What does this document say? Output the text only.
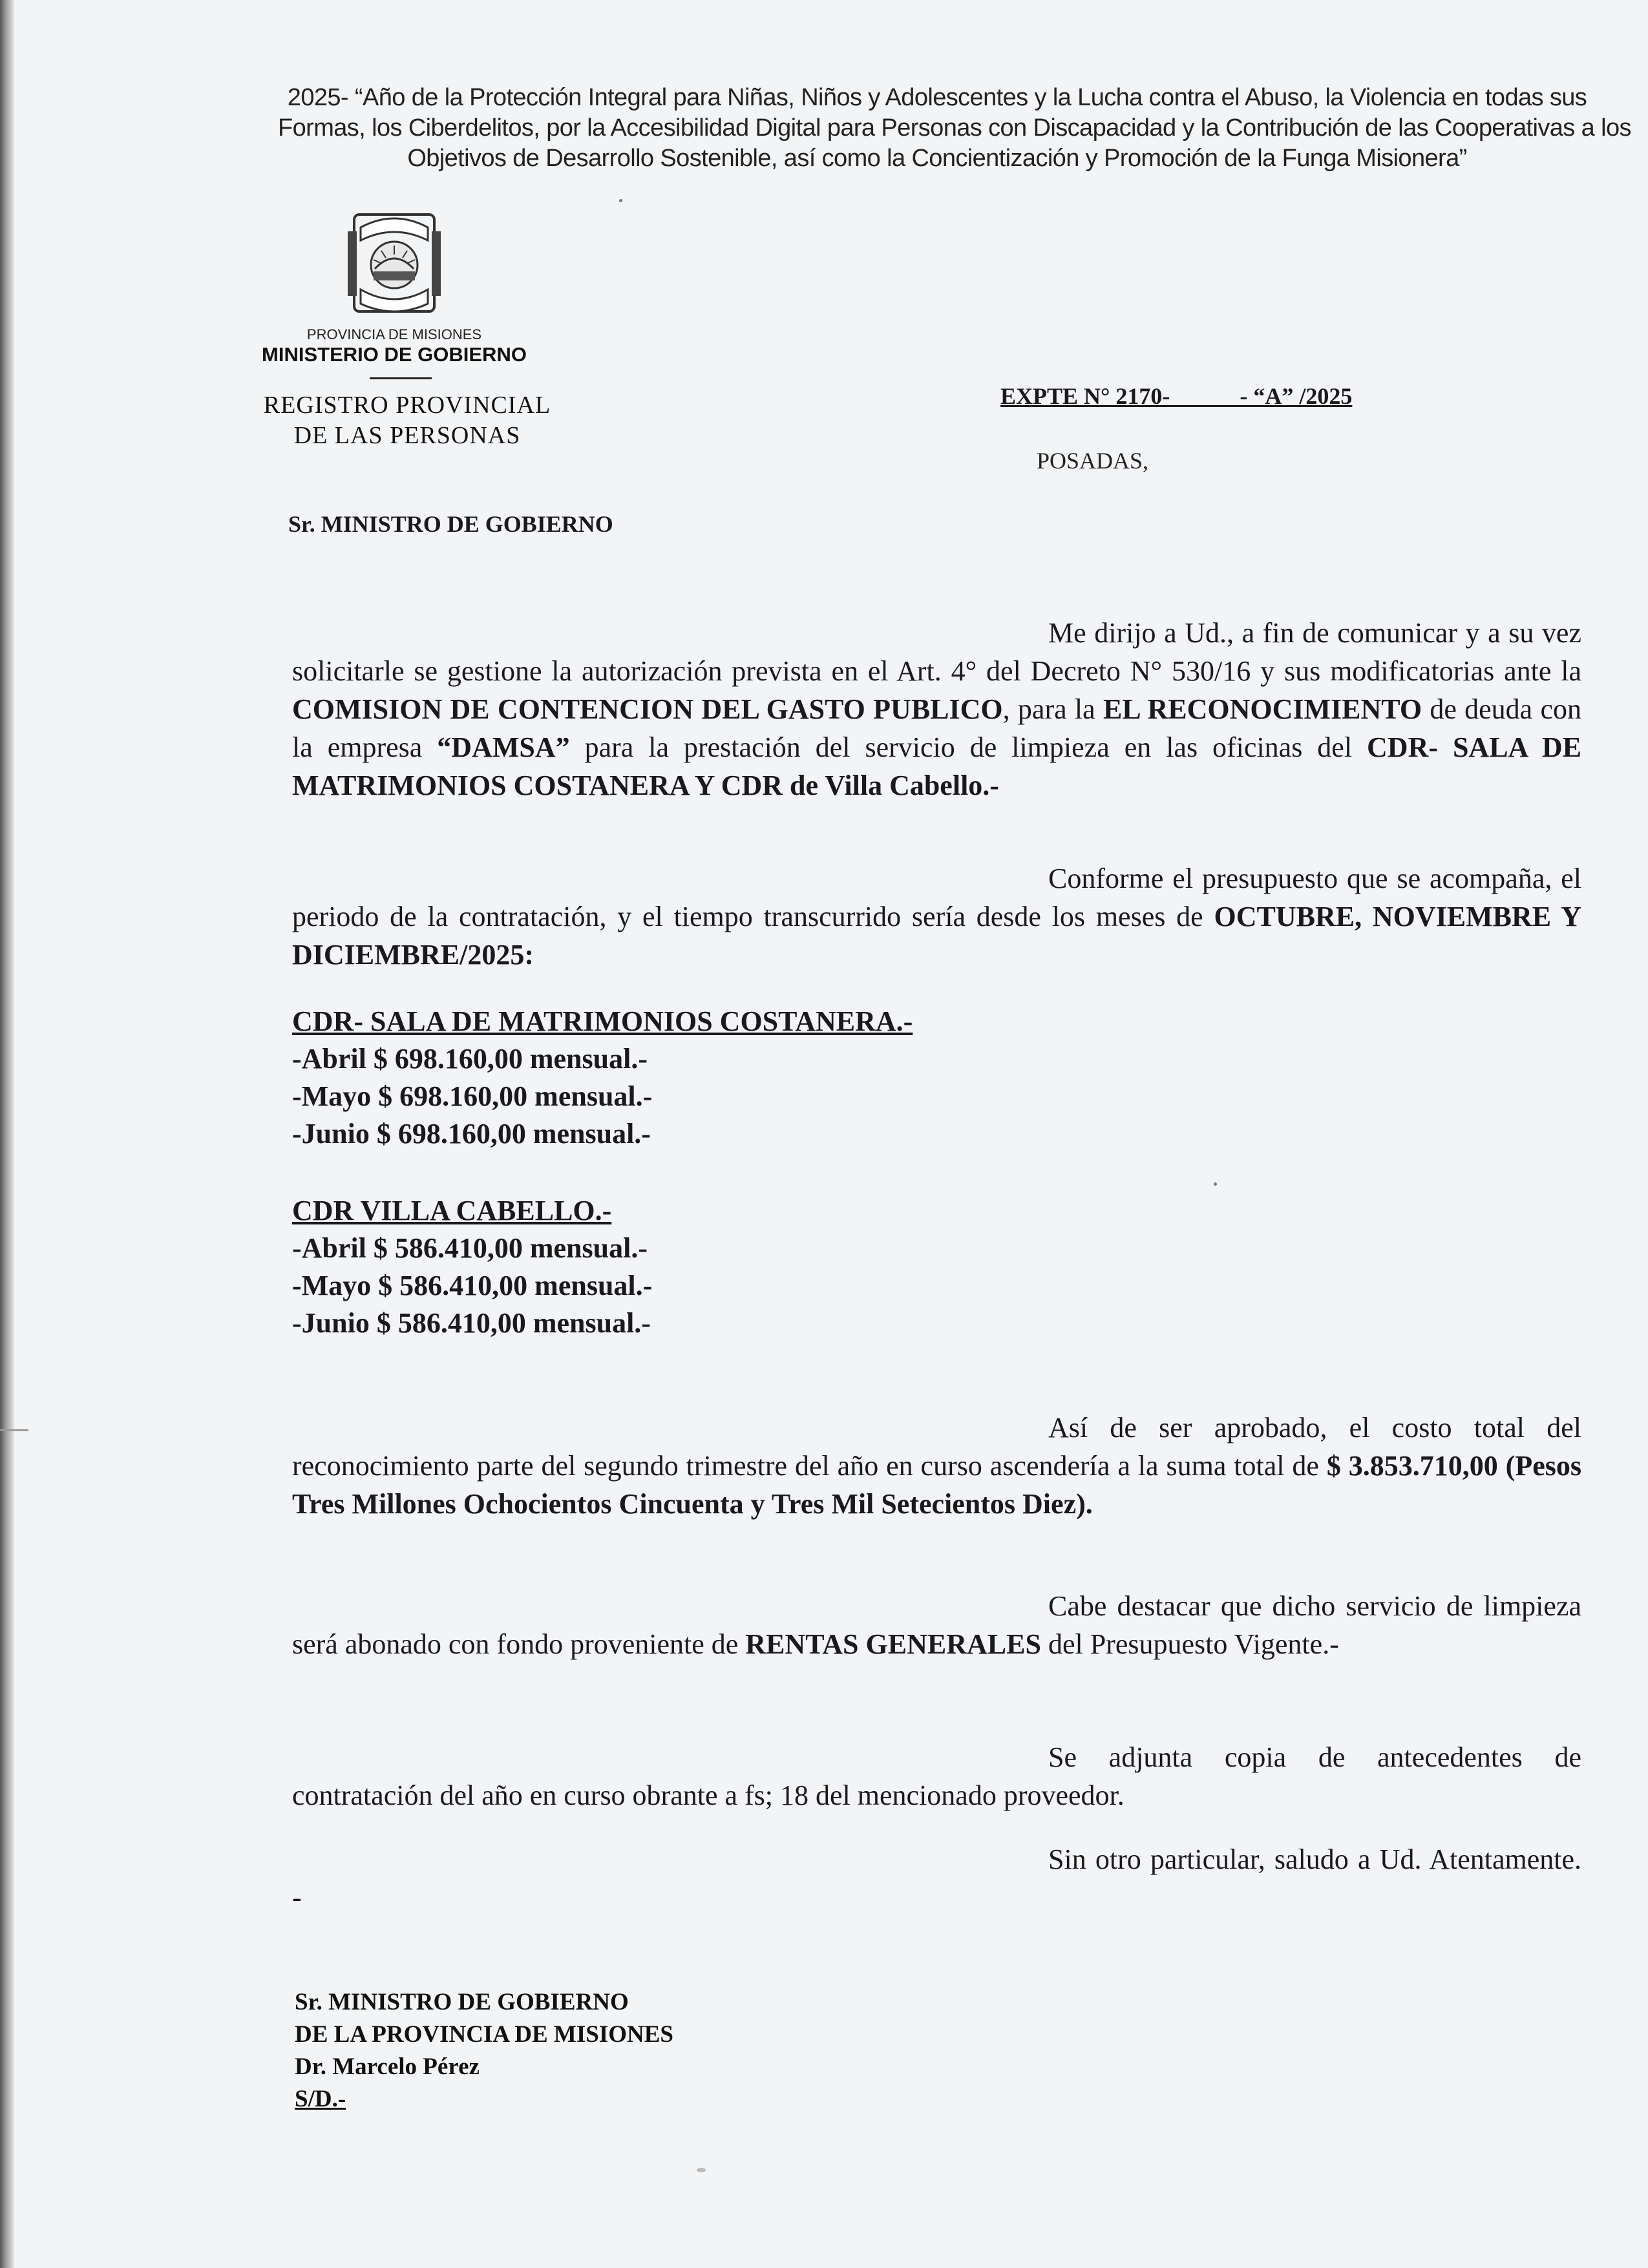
2025- “Año de la Protección Integral para Niñas, Niños y Adolescentes y la Lucha contra el Abuso, la Violencia en todas sus
Formas, los Ciberdelitos, por la Accesibilidad Digital para Personas con Discapacidad y la Contribución de las Cooperativas a los
Objetivos de Desarrollo Sostenible, así como la Concientización y Promoción de la Funga Misionera”
PROVINCIA DE MISIONES
MINISTERIO DE GOBIERNO
REGISTRO PROVINCIAL
DE LAS PERSONAS
EXPTE N° 2170-            - “A” /2025
POSADAS,
Sr. MINISTRO DE GOBIERNO
Me dirijo a Ud., a fin de comunicar y a su vez solicitarle se gestione la autorización prevista en el Art. 4° del Decreto N° 530/16 y sus modificatorias ante la COMISION DE CONTENCION DEL GASTO PUBLICO, para la EL RECONOCIMIENTO de deuda con la empresa “DAMSA” para la prestación del servicio de limpieza en las oficinas del CDR- SALA DE MATRIMONIOS COSTANERA Y CDR de Villa Cabello.-
Conforme el presupuesto que se acompaña, el periodo de la contratación, y el tiempo transcurrido sería desde los meses de OCTUBRE, NOVIEMBRE Y DICIEMBRE/2025:
CDR- SALA DE MATRIMONIOS COSTANERA.-
-Abril $ 698.160,00 mensual.-
-Mayo $ 698.160,00 mensual.-
-Junio $ 698.160,00 mensual.-
CDR VILLA CABELLO.-
-Abril $ 586.410,00 mensual.-
-Mayo $ 586.410,00 mensual.-
-Junio $ 586.410,00 mensual.-
Así de ser aprobado, el costo total del reconocimiento parte del segundo trimestre del año en curso ascendería a la suma total de $ 3.853.710,00 (Pesos Tres Millones Ochocientos Cincuenta y Tres Mil Setecientos Diez).
Cabe destacar que dicho servicio de limpieza será abonado con fondo proveniente de RENTAS GENERALES del Presupuesto Vigente.-
Se adjunta copia de antecedentes de contratación del año en curso obrante a fs; 18 del mencionado proveedor.
Sin otro particular, saludo a Ud. Atentamente. -
Sr. MINISTRO DE GOBIERNO
DE LA PROVINCIA DE MISIONES
Dr. Marcelo Pérez
S/D.-
